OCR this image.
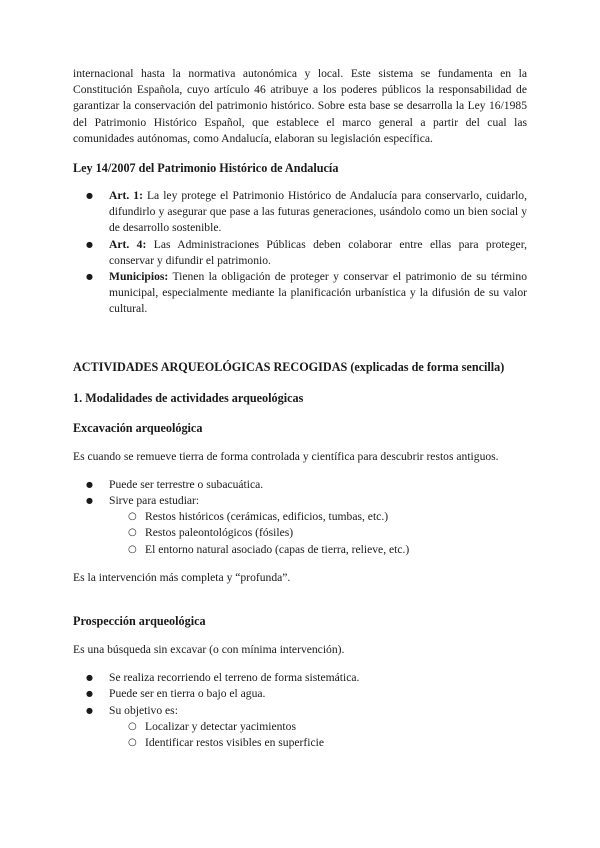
internacional hasta la normativa autonómica y local. Este sistema se fundamenta en la Constitución Española, cuyo artículo 46 atribuye a los poderes públicos la responsabilidad de garantizar la conservación del patrimonio histórico. Sobre esta base se desarrolla la Ley 16/1985 del Patrimonio Histórico Español, que establece el marco general a partir del cual las comunidades autónomas, como Andalucía, elaboran su legislación específica.

Ley 14/2007 del Patrimonio Histórico de Andalucía
● Art. 1: La ley protege el Patrimonio Histórico de Andalucía para conservarlo, cuidarlo, difundirlo y asegurar que pase a las futuras generaciones, usándolo como un bien social y de desarrollo sostenible.
● Art. 4: Las Administraciones Públicas deben colaborar entre ellas para proteger, conservar y difundir el patrimonio.
● Municipios: Tienen la obligación de proteger y conservar el patrimonio de su término municipal, especialmente mediante la planificación urbanística y la difusión de su valor cultural.
ACTIVIDADES ARQUEOLÓGICAS RECOGIDAS (explicadas de forma sencilla)
1. Modalidades de actividades arqueológicas
Excavación arqueológica

Es cuando se remueve tierra de forma controlada y científica para descubrir restos antiguos.

● Puede ser terrestre o subacuática.
● Sirve para estudiar:
○ Restos históricos (cerámicas, edificios, tumbas, etc.)
○ Restos paleontológicos (fósiles)
○ El entorno natural asociado (capas de tierra, relieve, etc.)

Es la intervención más completa y “profunda”.

Prospección arqueológica

Es una búsqueda sin excavar (o con mínima intervención).

● Se realiza recorriendo el terreno de forma sistemática.
● Puede ser en tierra o bajo el agua.
● Su objetivo es:
○ Localizar y detectar yacimientos
○ Identificar restos visibles en superficie
